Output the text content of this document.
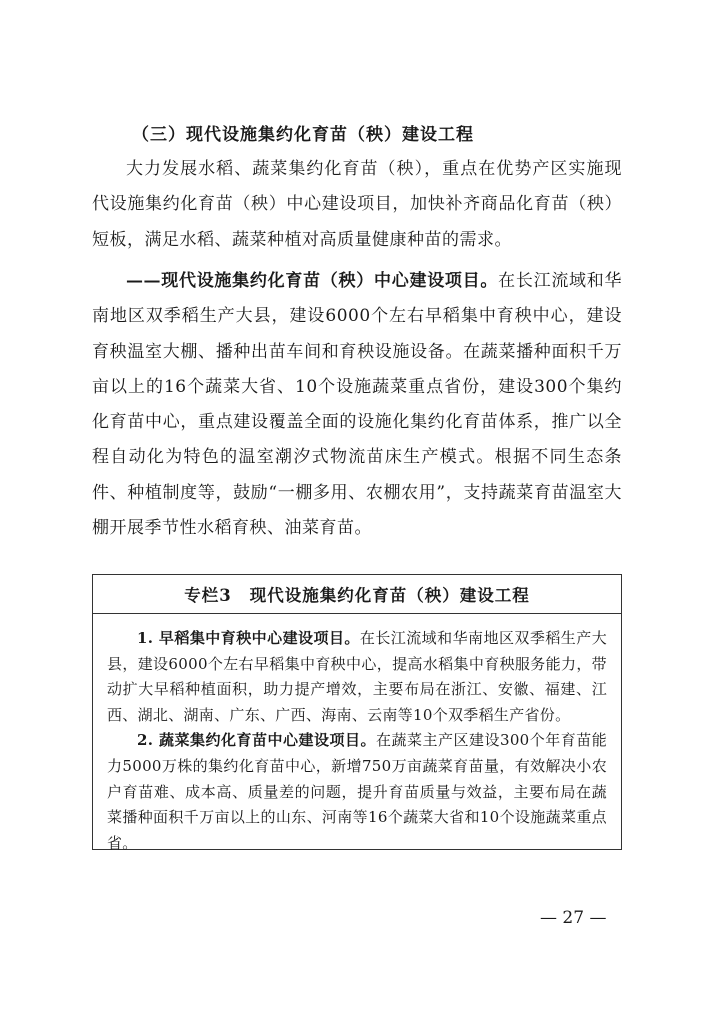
（三）现代设施集约化育苗（秧）建设工程

大力发展水稻、蔬菜集约化育苗（秧），重点在优势产区实施现代设施集约化育苗（秧）中心建设项目，加快补齐商品化育苗（秧）短板，满足水稻、蔬菜种植对高质量健康种苗的需求。

——现代设施集约化育苗（秧）中心建设项目。在长江流域和华南地区双季稻生产大县，建设6000个左右早稻集中育秧中心，建设育秧温室大棚、播种出苗车间和育秧设施设备。在蔬菜播种面积千万亩以上的16个蔬菜大省、10个设施蔬菜重点省份，建设300个集约化育苗中心，重点建设覆盖全面的设施化集约化育苗体系，推广以全程自动化为特色的温室潮汐式物流苗床生产模式。根据不同生态条件、种植制度等，鼓励“一棚多用、农棚农用”，支持蔬菜育苗温室大棚开展季节性水稻育秧、油菜育苗。

专栏3 现代设施集约化育苗（秧）建设工程

1. 早稻集中育秧中心建设项目。在长江流域和华南地区双季稻生产大县，建设6000个左右早稻集中育秧中心，提高水稻集中育秧服务能力，带动扩大早稻种植面积，助力提产增效，主要布局在浙江、安徽、福建、江西、湖北、湖南、广东、广西、海南、云南等10个双季稻生产省份。

2. 蔬菜集约化育苗中心建设项目。在蔬菜主产区建设300个年育苗能力5000万株的集约化育苗中心，新增750万亩蔬菜育苗量，有效解决小农户育苗难、成本高、质量差的问题，提升育苗质量与效益，主要布局在蔬菜播种面积千万亩以上的山东、河南等16个蔬菜大省和10个设施蔬菜重点省。

— 27 —
